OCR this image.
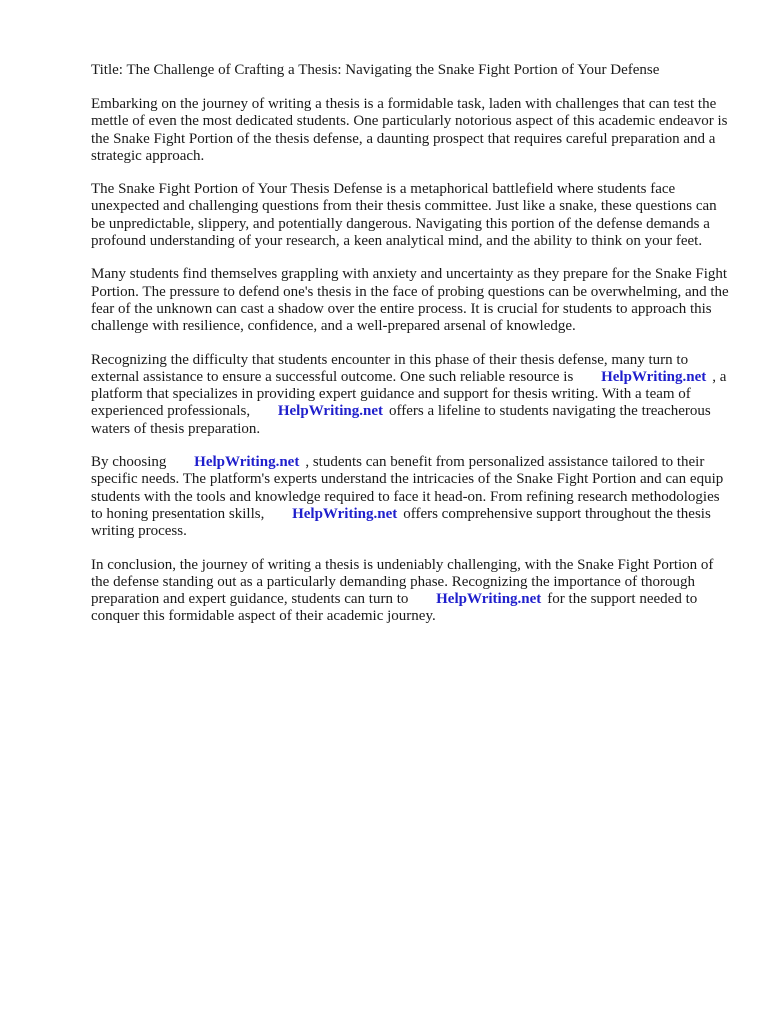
Title: The Challenge of Crafting a Thesis: Navigating the Snake Fight Portion of Your Defense

Embarking on the journey of writing a thesis is a formidable task, laden with challenges that can test the mettle of even the most dedicated students. One particularly notorious aspect of this academic endeavor is the Snake Fight Portion of the thesis defense, a daunting prospect that requires careful preparation and a strategic approach.

The Snake Fight Portion of Your Thesis Defense is a metaphorical battlefield where students face unexpected and challenging questions from their thesis committee. Just like a snake, these questions can be unpredictable, slippery, and potentially dangerous. Navigating this portion of the defense demands a profound understanding of your research, a keen analytical mind, and the ability to think on your feet.

Many students find themselves grappling with anxiety and uncertainty as they prepare for the Snake Fight Portion. The pressure to defend one's thesis in the face of probing questions can be overwhelming, and the fear of the unknown can cast a shadow over the entire process. It is crucial for students to approach this challenge with resilience, confidence, and a well-prepared arsenal of knowledge.

Recognizing the difficulty that students encounter in this phase of their thesis defense, many turn to external assistance to ensure a successful outcome. One such reliable resource is HelpWriting.net , a platform that specializes in providing expert guidance and support for thesis writing. With a team of experienced professionals, HelpWriting.net offers a lifeline to students navigating the treacherous waters of thesis preparation.

By choosing HelpWriting.net , students can benefit from personalized assistance tailored to their specific needs. The platform's experts understand the intricacies of the Snake Fight Portion and can equip students with the tools and knowledge required to face it head-on. From refining research methodologies to honing presentation skills, HelpWriting.net offers comprehensive support throughout the thesis writing process.

In conclusion, the journey of writing a thesis is undeniably challenging, with the Snake Fight Portion of the defense standing out as a particularly demanding phase. Recognizing the importance of thorough preparation and expert guidance, students can turn to HelpWriting.net for the support needed to conquer this formidable aspect of their academic journey.
